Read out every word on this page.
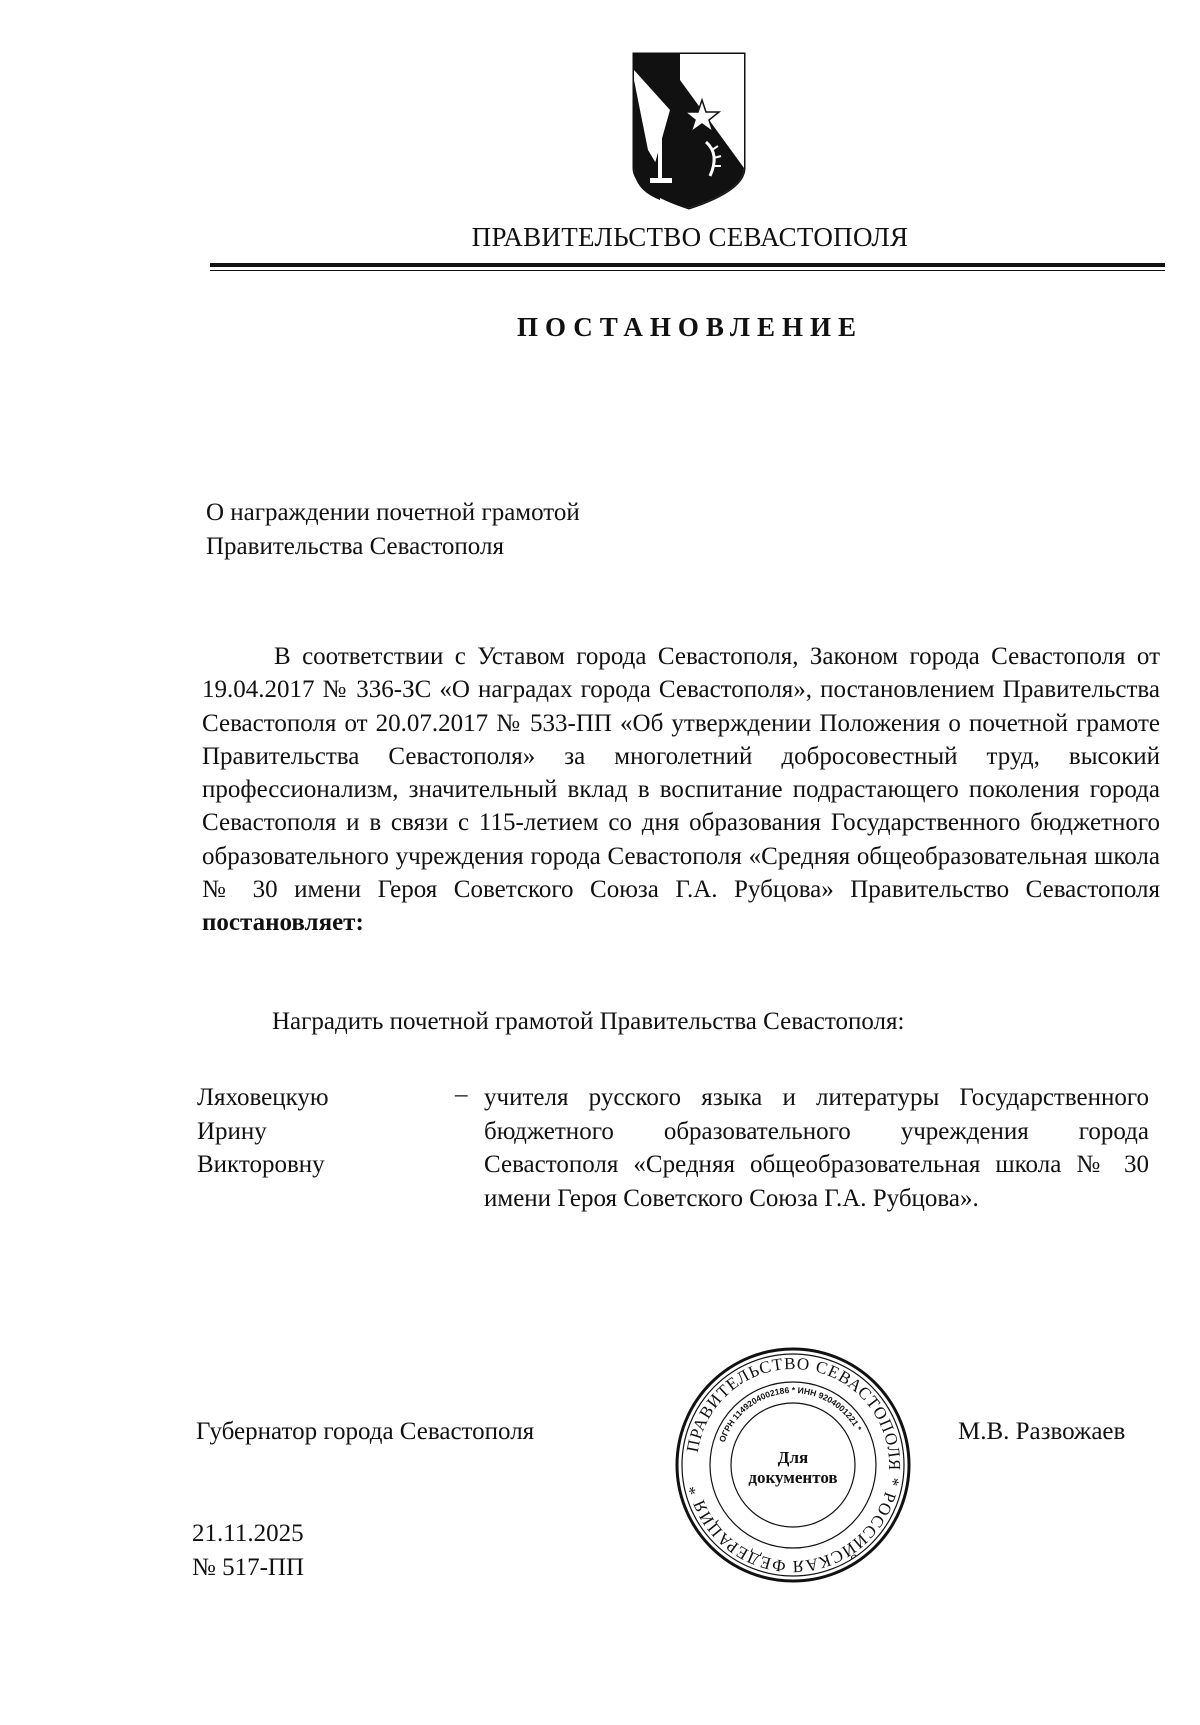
ПРАВИТЕЛЬСТВО СЕВАСТОПОЛЯ
ПОСТАНОВЛЕНИЕ
О награждении почетной грамотой
Правительства Севастополя
В соответствии с Уставом города Севастополя, Законом города Севастополя от 19.04.2017 № 336-ЗС «О наградах города Севастополя», постановлением Правительства Севастополя от 20.07.2017 № 533-ПП «Об утверждении Положения о почетной грамоте Правительства Севастополя» за многолетний добросовестный труд, высокий профессионализм, значительный вклад в воспитание подрастающего поколения города Севастополя и в связи с 115-летием со дня образования Государственного бюджетного образовательного учреждения города Севастополя «Средняя общеобразовательная школа № 30 имени Героя Советского Союза Г.А. Рубцова» Правительство Севастополя постановляет:
Наградить почетной грамотой Правительства Севастополя:
Ляховецкую
Ирину
Викторовну
– учителя русского языка и литературы Государственного бюджетного образовательного учреждения города Севастополя «Средняя общеобразовательная школа № 30 имени Героя Советского Союза Г.А. Рубцова».
Губернатор города Севастополя	М.В. Развожаев
ПРАВИТЕЛЬСТВО СЕВАСТОПОЛЯ * РОССИЙСКАЯ ФЕДЕРАЦИЯ *
ОГРН 1149204002186 * ИНН 9204001221 *
Для
документов
21.11.2025
№ 517-ПП
